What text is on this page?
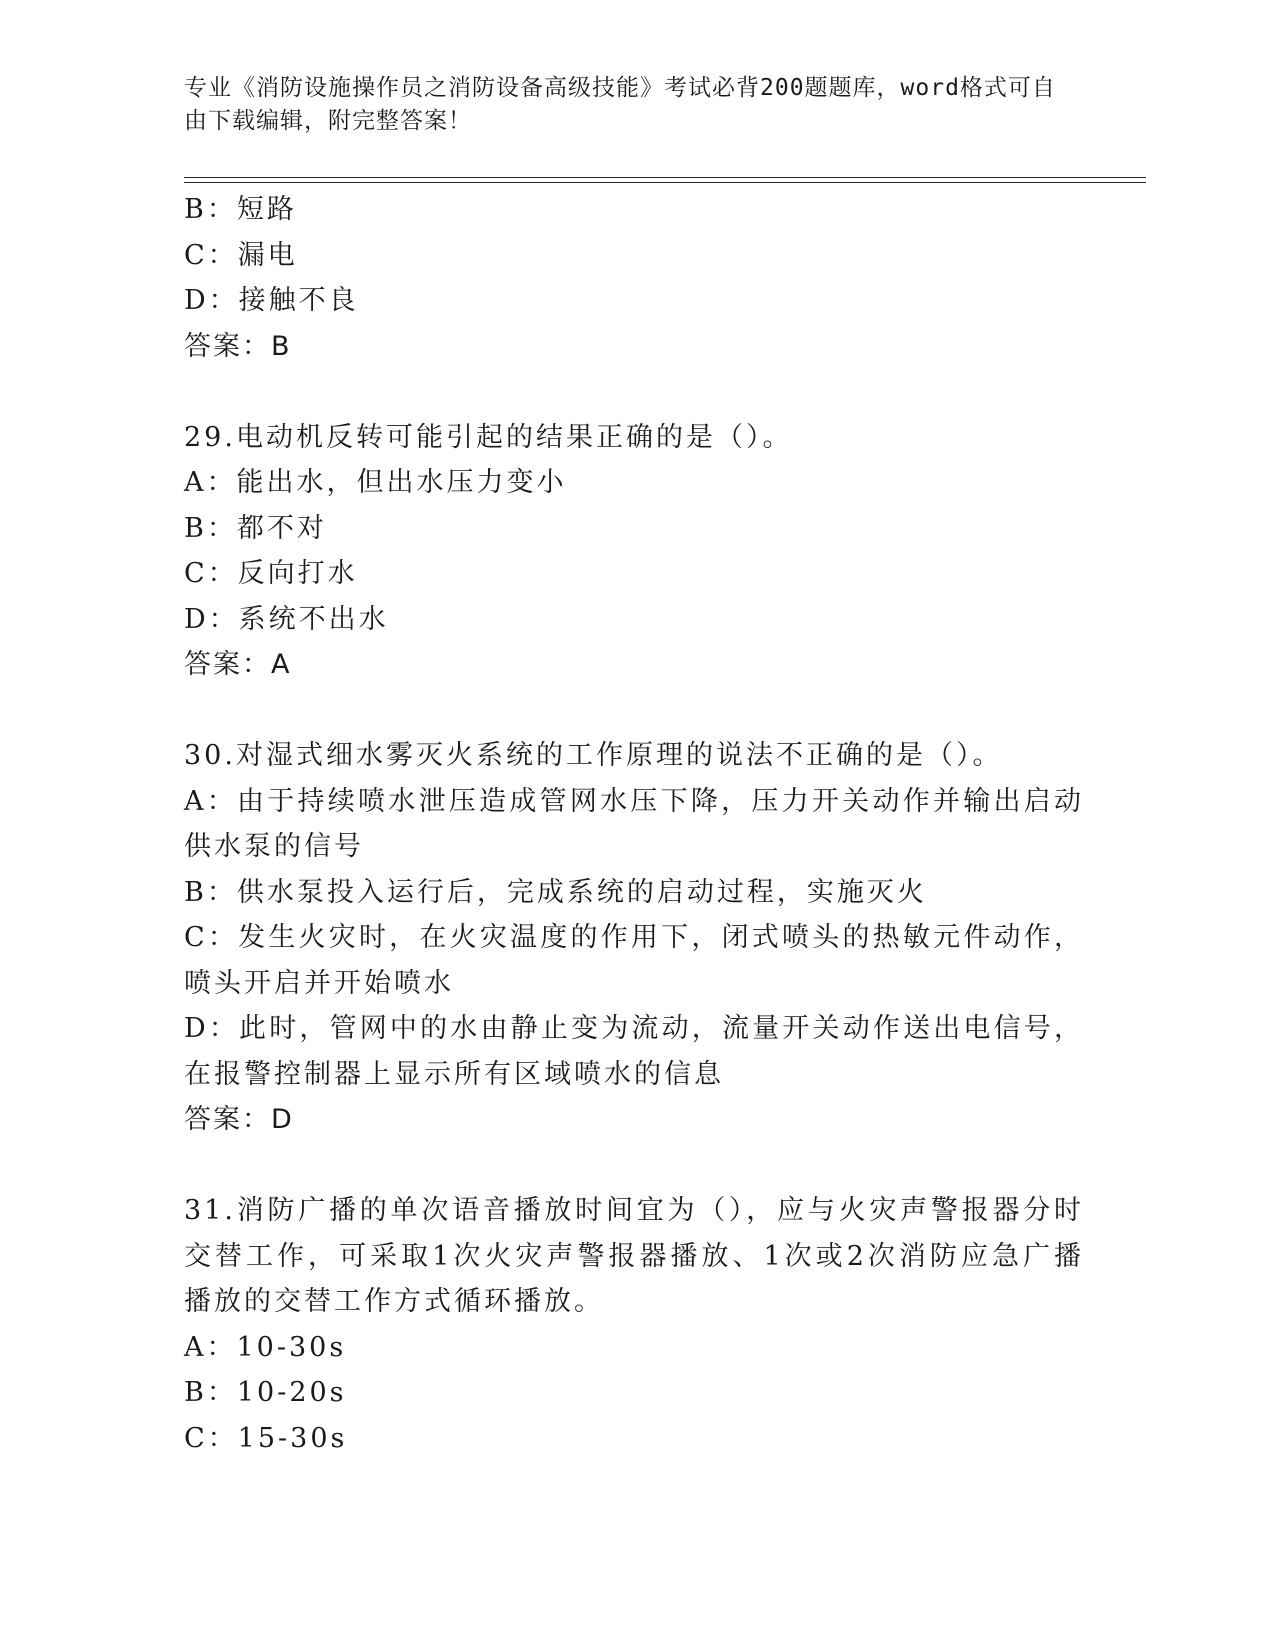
专业《消防设施操作员之消防设备高级技能》考试必背200题题库，word格式可自由下载编辑，附完整答案！
B：短路
C：漏电
D：接触不良
答案：B
29.电动机反转可能引起的结果正确的是（）。
A：能出水，但出水压力变小
B：都不对
C：反向打水
D：系统不出水
答案：A
30.对湿式细水雾灭火系统的工作原理的说法不正确的是（）。
A：由于持续喷水泄压造成管网水压下降，压力开关动作并输出启动供水泵的信号
B：供水泵投入运行后，完成系统的启动过程，实施灭火
C：发生火灾时，在火灾温度的作用下，闭式喷头的热敏元件动作，喷头开启并开始喷水
D：此时，管网中的水由静止变为流动，流量开关动作送出电信号，在报警控制器上显示所有区域喷水的信息
答案：D
31.消防广播的单次语音播放时间宜为（），应与火灾声警报器分时交替工作，可采取1次火灾声警报器播放、1次或2次消防应急广播播放的交替工作方式循环播放。
A：10-30s
B：10-20s
C：15-30s
